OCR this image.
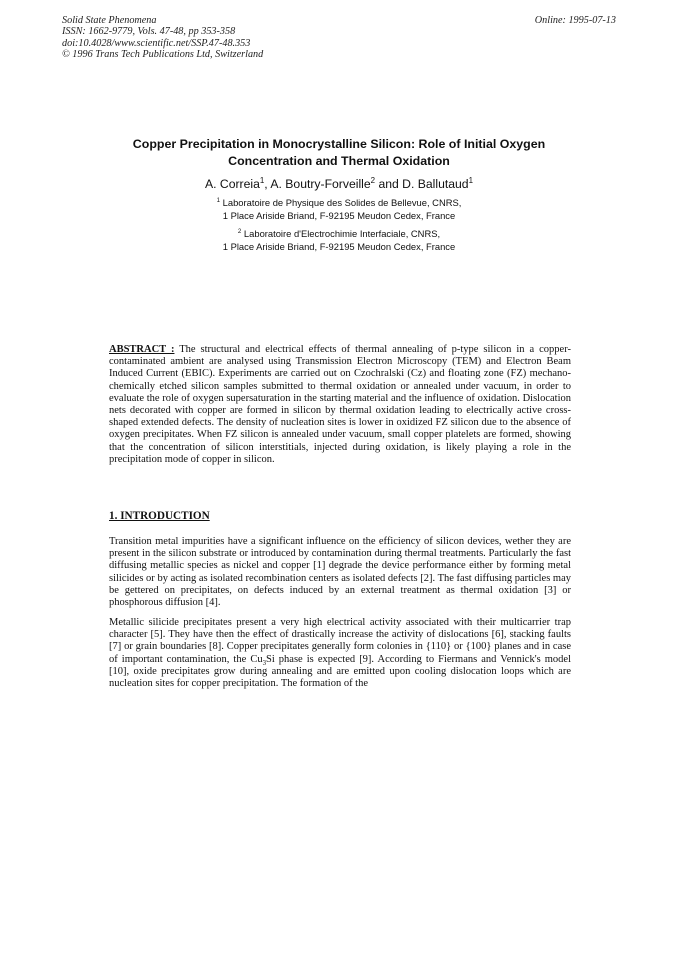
Solid State Phenomena
ISSN: 1662-9779, Vols. 47-48, pp 353-358
doi:10.4028/www.scientific.net/SSP.47-48.353
© 1996 Trans Tech Publications Ltd, Switzerland
Online: 1995-07-13
Copper Precipitation in Monocrystalline Silicon: Role of Initial Oxygen
Concentration and Thermal Oxidation
A. Correia$^1$, A. Boutry-Forveille$^2$ and D. Ballutaud$^1$
$^1$ Laboratoire de Physique des Solides de Bellevue, CNRS,
1 Place Ariside Briand, F-92195 Meudon Cedex, France
$^2$ Laboratoire d'Electrochimie Interfaciale, CNRS,
1 Place Ariside Briand, F-92195 Meudon Cedex, France

ABSTRACT : The structural and electrical effects of thermal annealing of p-type silicon in a copper-contaminated ambient are analysed using Transmission Electron Microscopy (TEM) and Electron Beam Induced Current (EBIC). Experiments are carried out on Czochralski (Cz) and floating zone (FZ) mechano-chemically etched silicon samples submitted to thermal oxidation or annealed under vacuum, in order to evaluate the role of oxygen supersaturation in the starting material and the influence of oxidation. Dislocation nets decorated with copper are formed in silicon by thermal oxidation leading to electrically active cross-shaped extended defects. The density of nucleation sites is lower in oxidized FZ silicon due to the absence of oxygen precipitates. When FZ silicon is annealed under vacuum, small copper platelets are formed, showing that the concentration of silicon interstitials, injected during oxidation, is likely playing a role in the precipitation mode of copper in silicon.

1. INTRODUCTION

Transition metal impurities have a significant influence on the efficiency of silicon devices, wether they are present in the silicon substrate or introduced by contamination during thermal treatments. Particularly the fast diffusing metallic species as nickel and copper [1] degrade the device performance either by forming metal silicides or by acting as isolated recombination centers as isolated defects [2]. The fast diffusing particles may be gettered on precipitates, on defects induced by an external treatment as thermal oxidation [3] or phosphorous diffusion [4].

Metallic silicide precipitates present a very high electrical activity associated with their multicarrier trap character [5]. They have then the effect of drastically increase the activity of dislocations [6], stacking faults [7] or grain boundaries [8]. Copper precipitates generally form colonies in {110} or {100} planes and in case of important contamination, the $Cu_3Si$ phase is expected [9]. According to Fiermans and Vennick's model [10], oxide precipitates grow during annealing and are emitted upon cooling dislocation loops which are nucleation sites for copper precipitation. The formation of the
